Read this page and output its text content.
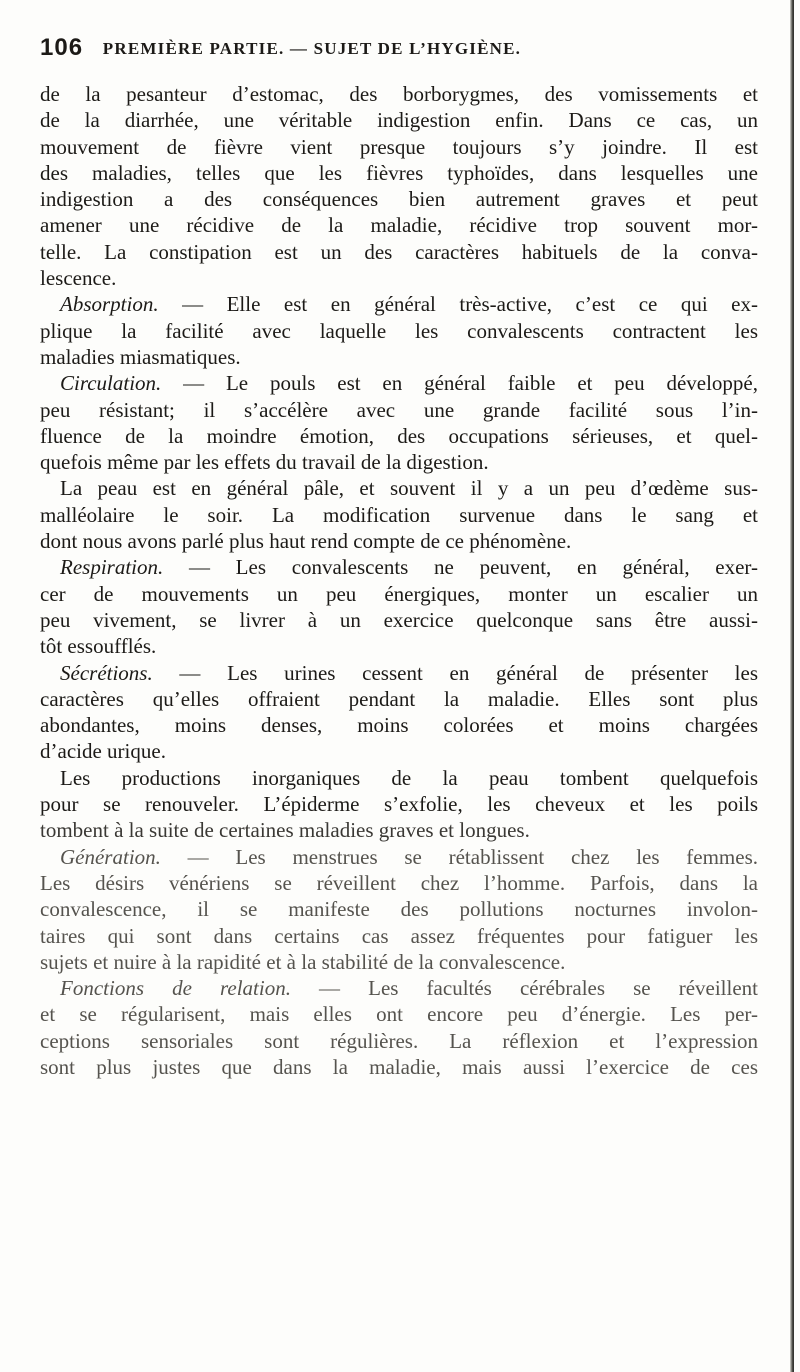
106 PREMIÈRE PARTIE. — SUJET DE L’HYGIÈNE.
de la pesanteur d’estomac, des borborygmes, des vomissements et
de la diarrhée, une véritable indigestion enfin. Dans ce cas, un
mouvement de fièvre vient presque toujours s’y joindre. Il est
des maladies, telles que les fièvres typhoïdes, dans lesquelles une
indigestion a des conséquences bien autrement graves et peut
amener une récidive de la maladie, récidive trop souvent mor-
telle. La constipation est un des caractères habituels de la conva-
lescence.
Absorption. — Elle est en général très-active, c’est ce qui ex-
plique la facilité avec laquelle les convalescents contractent les
maladies miasmatiques.
Circulation. — Le pouls est en général faible et peu développé,
peu résistant; il s’accélère avec une grande facilité sous l’in-
fluence de la moindre émotion, des occupations sérieuses, et quel-
quefois même par les effets du travail de la digestion.
La peau est en général pâle, et souvent il y a un peu d’œdème sus-
malléolaire le soir. La modification survenue dans le sang et
dont nous avons parlé plus haut rend compte de ce phénomène.
Respiration. — Les convalescents ne peuvent, en général, exer-
cer de mouvements un peu énergiques, monter un escalier un
peu vivement, se livrer à un exercice quelconque sans être aussi-
tôt essoufflés.
Sécrétions. — Les urines cessent en général de présenter les
caractères qu’elles offraient pendant la maladie. Elles sont plus
abondantes, moins denses, moins colorées et moins chargées
d’acide urique.
Les productions inorganiques de la peau tombent quelquefois
pour se renouveler. L’épiderme s’exfolie, les cheveux et les poils
tombent à la suite de certaines maladies graves et longues.
Génération. — Les menstrues se rétablissent chez les femmes.
Les désirs vénériens se réveillent chez l’homme. Parfois, dans la
convalescence, il se manifeste des pollutions nocturnes involon-
taires qui sont dans certains cas assez fréquentes pour fatiguer les
sujets et nuire à la rapidité et à la stabilité de la convalescence.
Fonctions de relation. — Les facultés cérébrales se réveillent
et se régularisent, mais elles ont encore peu d’énergie. Les per-
ceptions sensoriales sont régulières. La réflexion et l’expression
sont plus justes que dans la maladie, mais aussi l’exercice de ces
